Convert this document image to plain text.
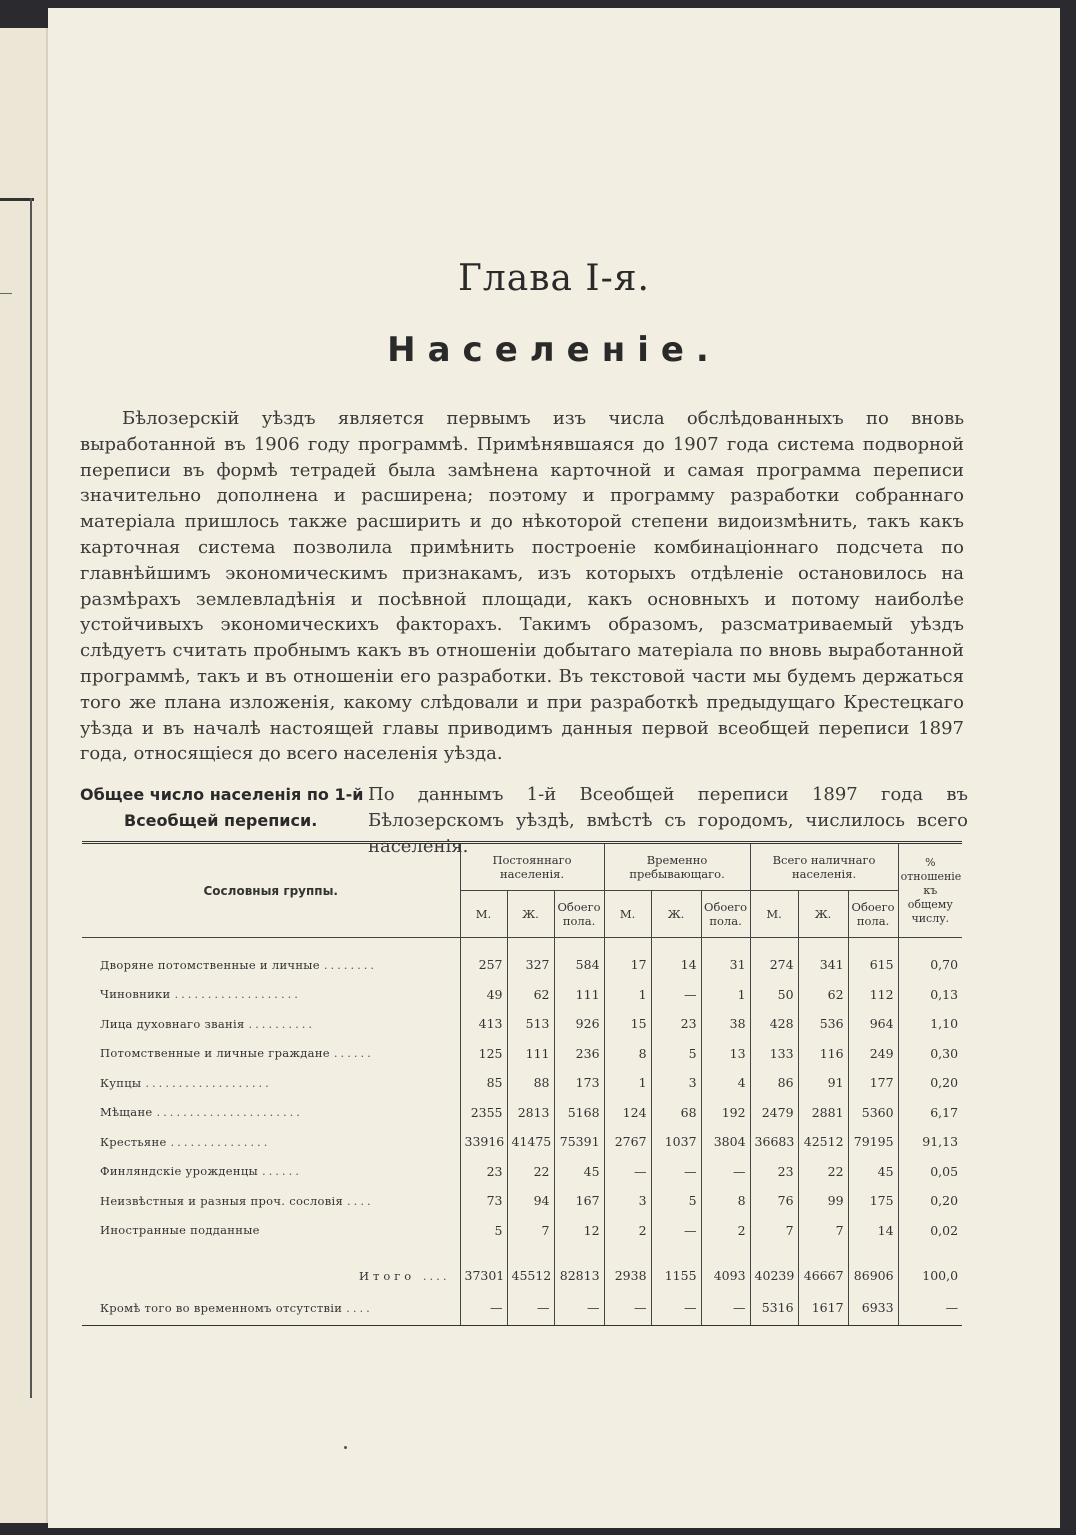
Глава I-я.
Населеніе.
Бѣлозерскій уѣздъ является первымъ изъ числа обслѣдованныхъ по вновь выработанной въ 1906 году программѣ. Примѣнявшаяся до 1907 года система подворной переписи въ формѣ тетрадей была замѣнена карточной и самая программа переписи значительно дополнена и расширена; поэтому и программу разработки собраннаго матеріала пришлось также расширить и до нѣкоторой степени видоизмѣнить, такъ какъ карточная система позволила примѣнить построеніе комбинаціоннаго подсчета по главнѣйшимъ экономическимъ признакамъ, изъ которыхъ отдѣленіе остановилось на размѣрахъ землевладѣнія и посѣвной площади, какъ основныхъ и потому наиболѣе устойчивыхъ экономическихъ факторахъ. Такимъ образомъ, разсматриваемый уѣздъ слѣдуетъ считать пробнымъ какъ въ отношеніи добытаго матеріала по вновь выработанной программѣ, такъ и въ отношеніи его разработки. Въ текстовой части мы будемъ держаться того же плана изложенія, какому слѣдовали и при разработкѣ предыдущаго Крестецкаго уѣзда и въ началѣ настоящей главы приводимъ данныя первой всеобщей переписи 1897 года, относящіеся до всего населенія уѣзда.
Общее число населенія по 1-й
Всеобщей переписи.
По даннымъ 1-й Всеобщей переписи 1897 года въ Бѣлозерскомъ уѣздѣ, вмѣстѣ съ городомъ, числилось всего населенія.
Сословныя группы.	Постояннаго населенія.			Временно пребывающаго.			Всего наличнаго населенія.			% отношеніе къ общему числу.
	М.	Ж.	Обоего пола.	М.	Ж.	Обоего пола.	М.	Ж.	Обоего пола.	

Дворяне потомственные и личные ........	257	327	584	17	14	31	274	341	615	0,70
Чиновники ...................	49	62	111	1	—	1	50	62	112	0,13
Лица духовнаго званія ..........	413	513	926	15	23	38	428	536	964	1,10
Потомственные и личные граждане ......	125	111	236	8	5	13	133	116	249	0,30
Купцы ...................	85	88	173	1	3	4	86	91	177	0,20
Мѣщане ......................	2355	2813	5168	124	68	192	2479	2881	5360	6,17
Крестьяне ...............	33916	41475	75391	2767	1037	3804	36683	42512	79195	91,13
Финляндскіе урожденцы ......	23	22	45	—	—	—	23	22	45	0,05
Неизвѣстныя и разныя проч. сословія ....	73	94	167	3	5	8	76	99	175	0,20
Иностранные подданные	5	7	12	2	—	2	7	7	14	0,02

Итого ....	37301	45512	82813	2938	1155	4093	40239	46667	86906	100,0
Кромѣ того во временномъ отсутствіи ....	—	—	—	—	—	—	5316	1617	6933	—
